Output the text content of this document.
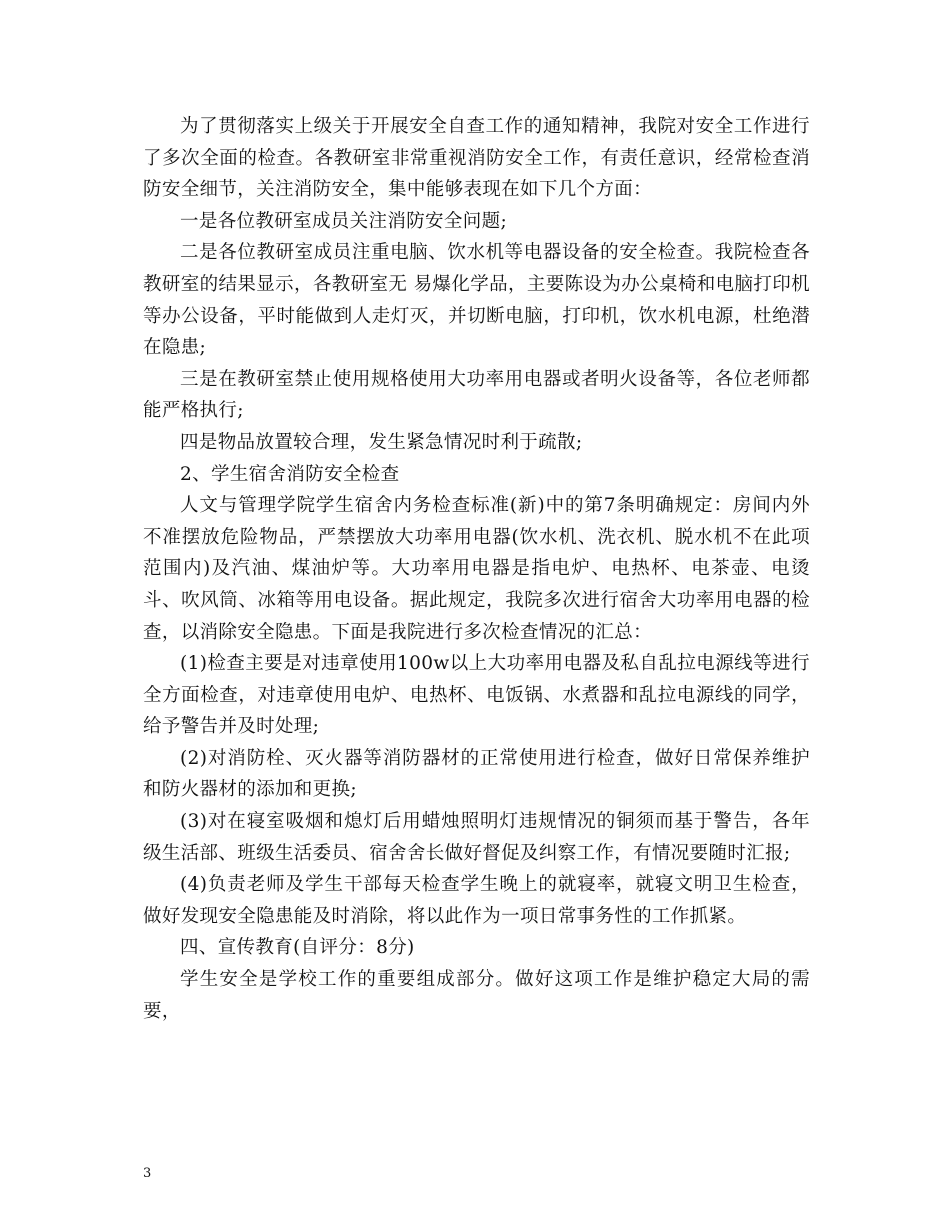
为了贯彻落实上级关于开展安全自查工作的通知精神，我院对安全工作进行了多次全面的检查。各教研室非常重视消防安全工作，有责任意识，经常检查消防安全细节，关注消防安全，集中能够表现在如下几个方面：

一是各位教研室成员关注消防安全问题;

二是各位教研室成员注重电脑、饮水机等电器设备的安全检查。我院检查各教研室的结果显示，各教研室无 易爆化学品，主要陈设为办公桌椅和电脑打印机等办公设备，平时能做到人走灯灭，并切断电脑，打印机，饮水机电源，杜绝潜在隐患;

三是在教研室禁止使用规格使用大功率用电器或者明火设备等，各位老师都能严格执行;

四是物品放置较合理，发生紧急情况时利于疏散;

2、学生宿舍消防安全检查

人文与管理学院学生宿舍内务检查标准(新)中的第7条明确规定：房间内外不准摆放危险物品，严禁摆放大功率用电器(饮水机、洗衣机、脱水机不在此项范围内)及汽油、煤油炉等。大功率用电器是指电炉、电热杯、电茶壶、电烫斗、吹风筒、冰箱等用电设备。据此规定，我院多次进行宿舍大功率用电器的检查，以消除安全隐患。下面是我院进行多次检查情况的汇总：

(1)检查主要是对违章使用100w以上大功率用电器及私自乱拉电源线等进行全方面检查，对违章使用电炉、电热杯、电饭锅、水煮器和乱拉电源线的同学，给予警告并及时处理;

(2)对消防栓、灭火器等消防器材的正常使用进行检查，做好日常保养维护和防火器材的添加和更换;

(3)对在寝室吸烟和熄灯后用蜡烛照明灯违规情况的铜须而基于警告，各年级生活部、班级生活委员、宿舍舍长做好督促及纠察工作，有情况要随时汇报;

(4)负责老师及学生干部每天检查学生晚上的就寝率，就寝文明卫生检查，做好发现安全隐患能及时消除，将以此作为一项日常事务性的工作抓紧。

四、宣传教育(自评分：8分)

学生安全是学校工作的重要组成部分。做好这项工作是维护稳定大局的需要，

3
